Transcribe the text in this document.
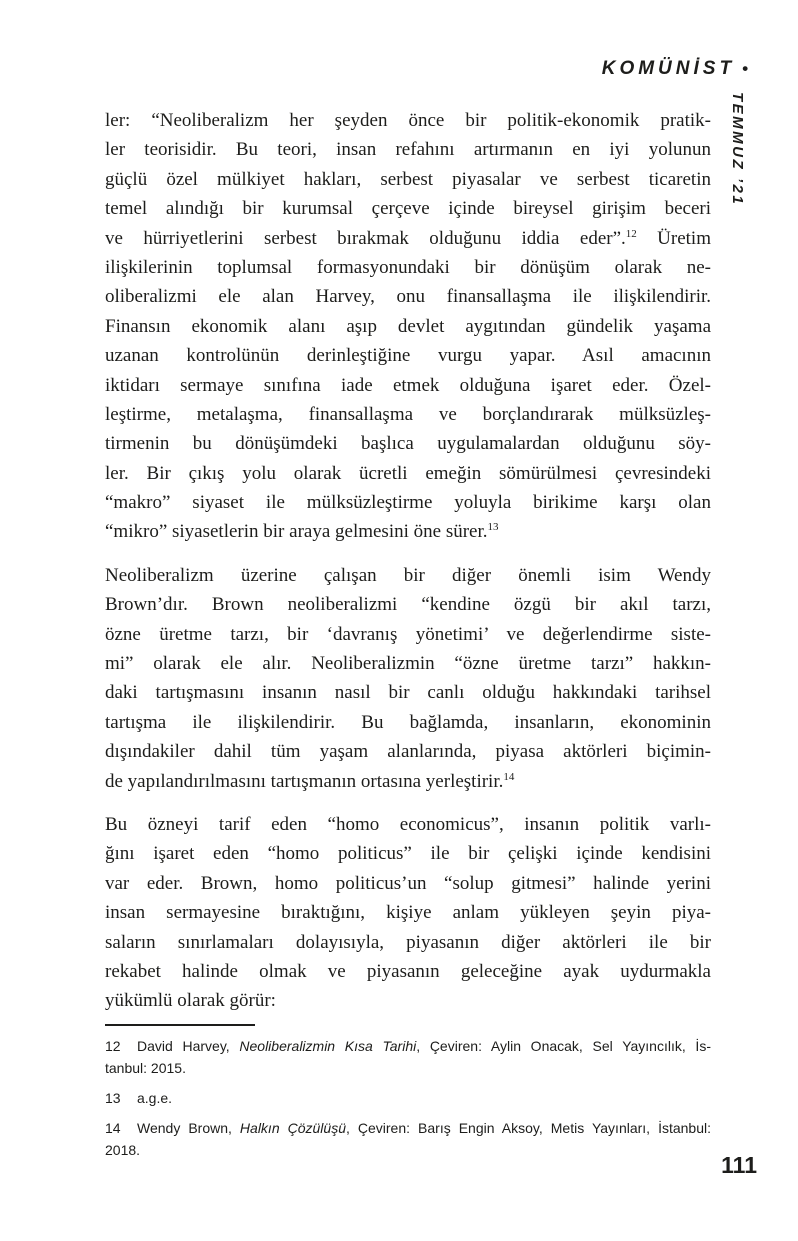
KOMÜNİST •
TEMMUZ ’21
ler: “Neoliberalizm her şeyden önce bir politik-ekonomik pratik-
ler teorisidir. Bu teori, insan refahını artırmanın en iyi yolunun
güçlü özel mülkiyet hakları, serbest piyasalar ve serbest ticaretin
temel alındığı bir kurumsal çerçeve içinde bireysel girişim beceri
ve hürriyetlerini serbest bırakmak olduğunu iddia eder”.$^{12}$ Üretim
ilişkilerinin toplumsal formasyonundaki bir dönüşüm olarak ne-
oliberalizmi ele alan Harvey, onu finansallaşma ile ilişkilendirir.
Finansın ekonomik alanı aşıp devlet aygıtından gündelik yaşama
uzanan kontrolünün derinleştiğine vurgu yapar. Asıl amacının
iktidarı sermaye sınıfına iade etmek olduğuna işaret eder. Özel-
leştirme, metalaşma, finansallaşma ve borçlandırarak mülksüzleş-
tirmenin bu dönüşümdeki başlıca uygulamalardan olduğunu söy-
ler. Bir çıkış yolu olarak ücretli emeğin sömürülmesi çevresindeki
“makro” siyaset ile mülksüzleştirme yoluyla birikime karşı olan
“mikro” siyasetlerin bir araya gelmesini öne sürer.$^{13}$
Neoliberalizm üzerine çalışan bir diğer önemli isim Wendy
Brown’dır. Brown neoliberalizmi “kendine özgü bir akıl tarzı,
özne üretme tarzı, bir ‘davranış yönetimi’ ve değerlendirme siste-
mi” olarak ele alır. Neoliberalizmin “özne üretme tarzı” hakkın-
daki tartışmasını insanın nasıl bir canlı olduğu hakkındaki tarihsel
tartışma ile ilişkilendirir. Bu bağlamda, insanların, ekonominin
dışındakiler dahil tüm yaşam alanlarında, piyasa aktörleri biçimin-
de yapılandırılmasını tartışmanın ortasına yerleştirir.$^{14}$
Bu özneyi tarif eden “homo economicus”, insanın politik varlı-
ğını işaret eden “homo politicus” ile bir çelişki içinde kendisini
var eder. Brown, homo politicus’un “solup gitmesi” halinde yerini
insan sermayesine bıraktığını, kişiye anlam yükleyen şeyin piya-
saların sınırlamaları dolayısıyla, piyasanın diğer aktörleri ile bir
rekabet halinde olmak ve piyasanın geleceğine ayak uydurmakla
yükümlü olarak görür:
12 David Harvey, Neoliberalizmin Kısa Tarihi, Çeviren: Aylin Onacak, Sel Yayıncılık, İs-
tanbul: 2015.
13 a.g.e.
14 Wendy Brown, Halkın Çözülüşü, Çeviren: Barış Engin Aksoy, Metis Yayınları, İstanbul:
2018.
111
